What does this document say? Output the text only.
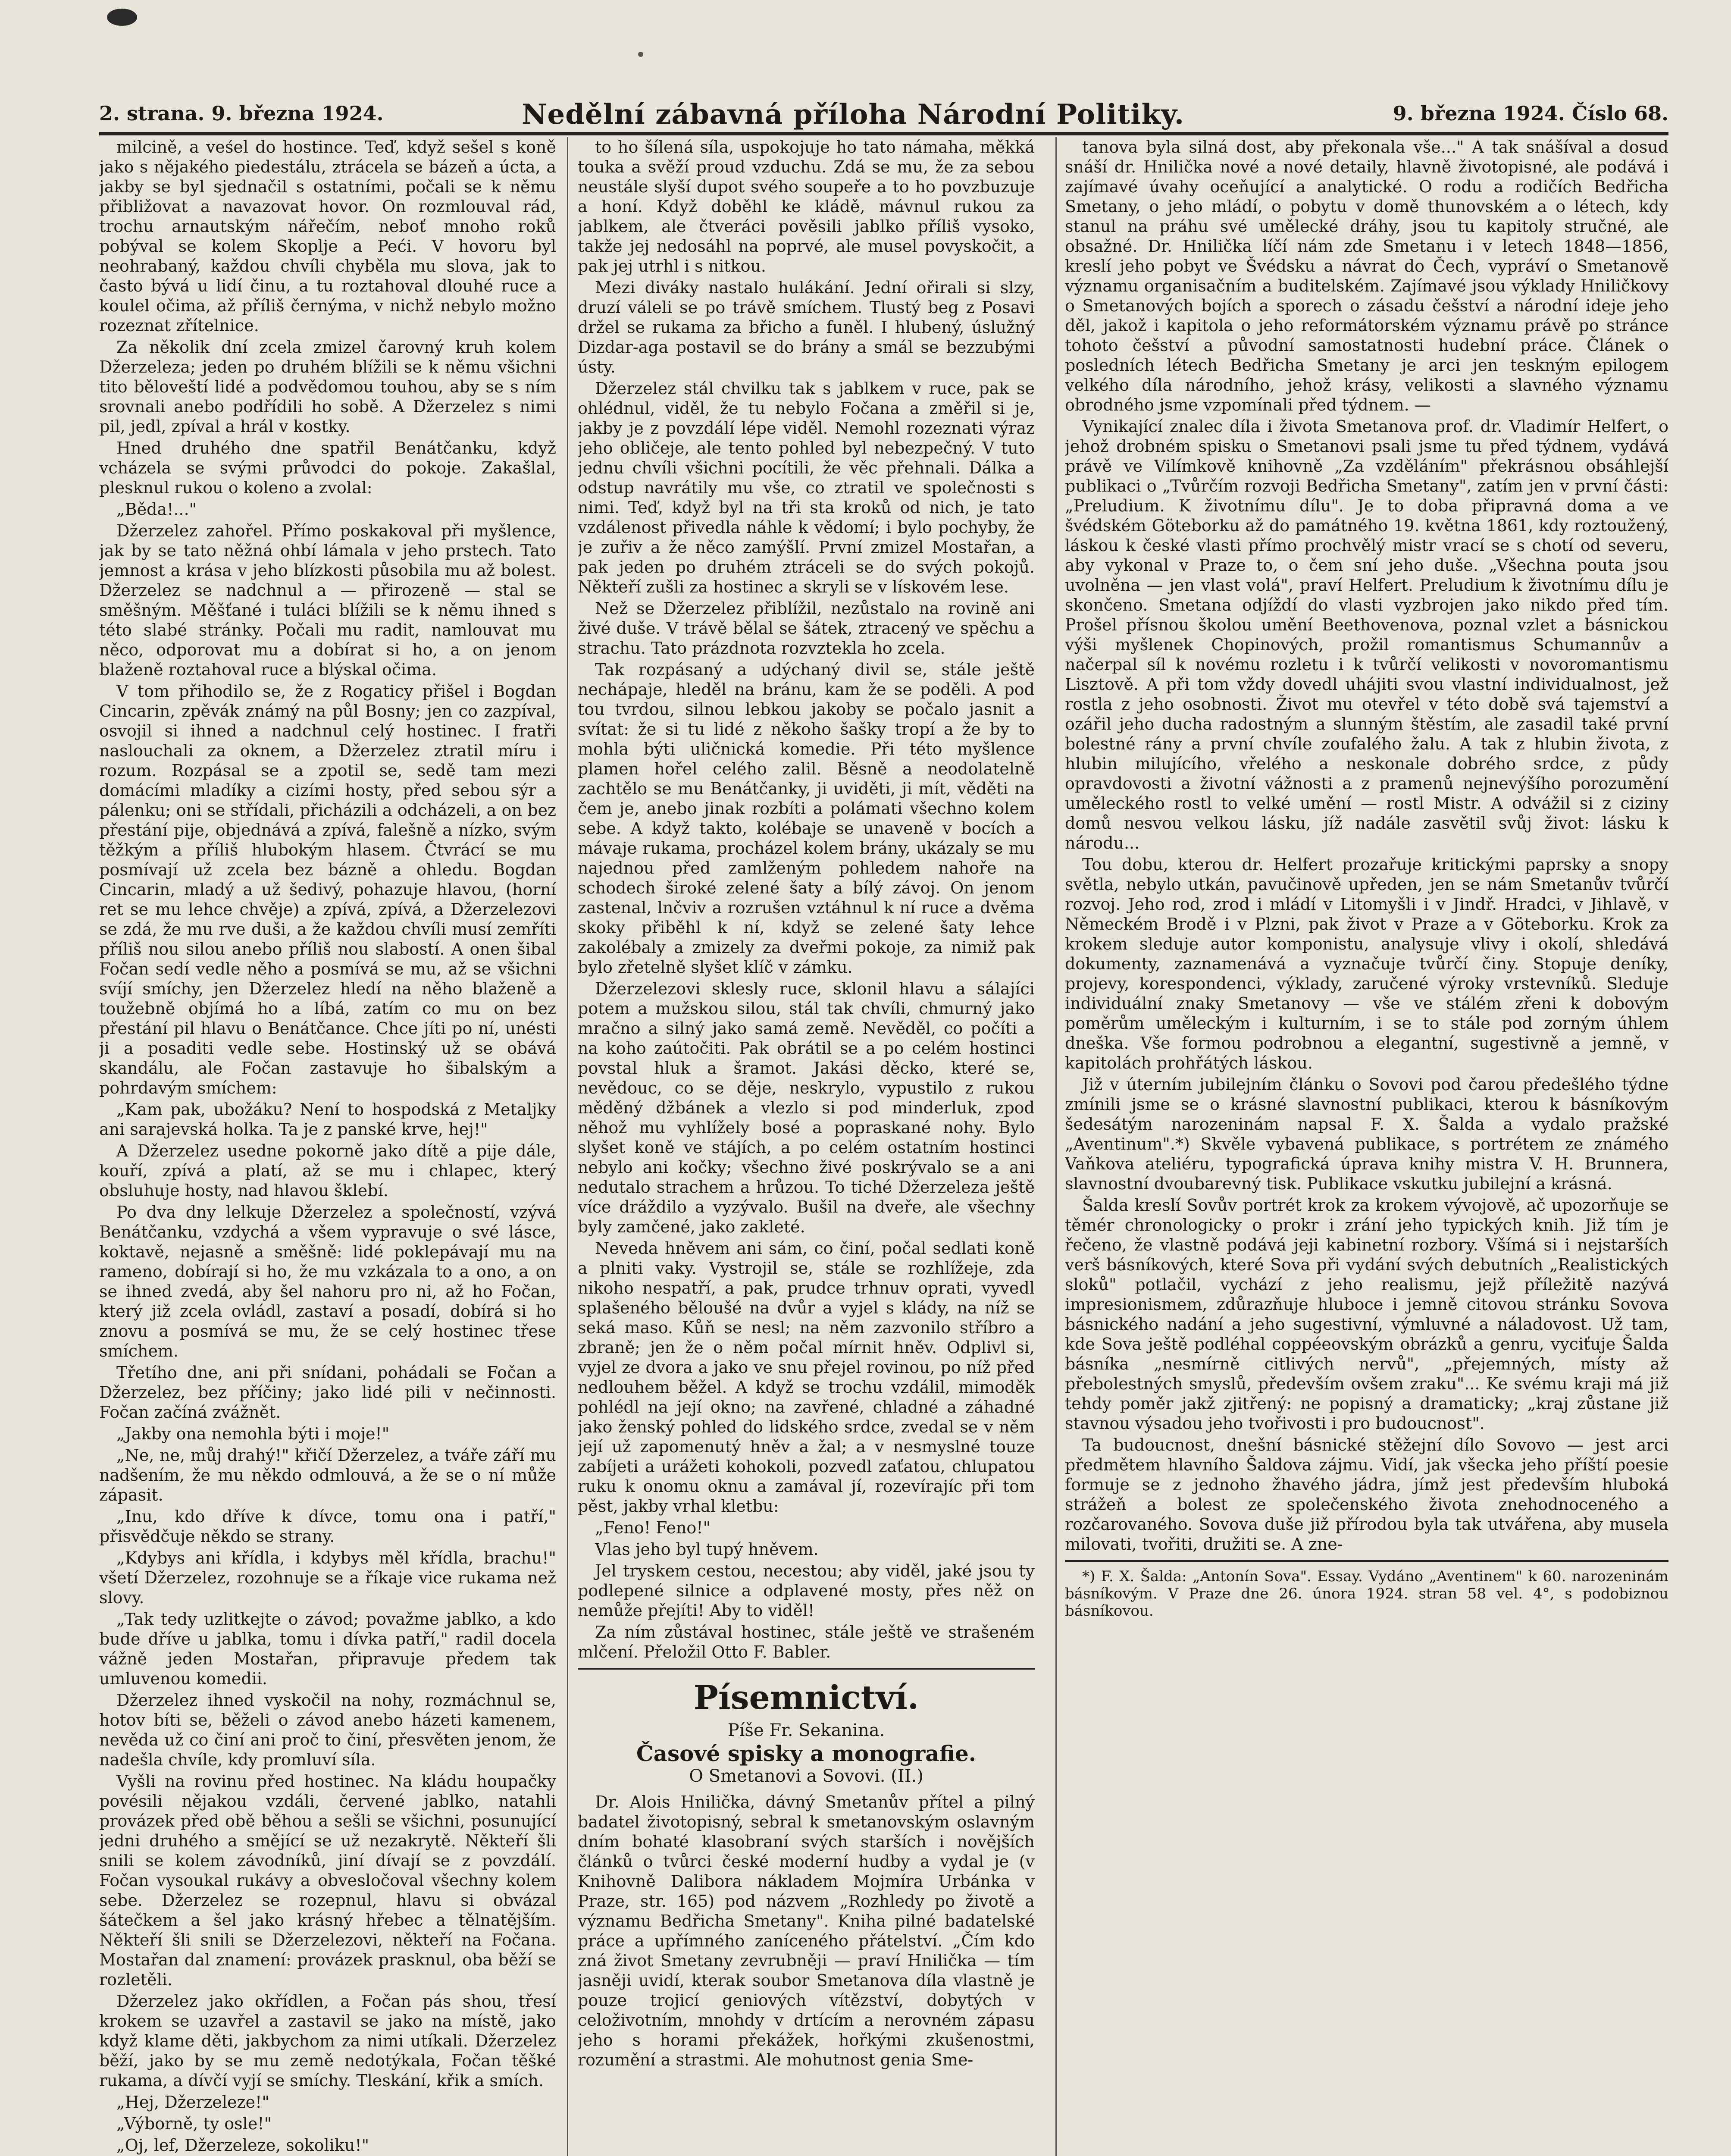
2. strana. 9. března 1924.	Nedělní zábavná příloha Národní Politiky.	9. března 1924. Číslo 68.

milcině, a veśel do hostince. Teď, když sešel s koně jako s nějakého piedestálu, ztrácela se bázeň a úcta, a jakby se byl sjednačil s ostatními, počali se k němu přibližovat a navazovat hovor. On rozmlouval rád, trochu arnautským nářečím, neboť mnoho roků pobýval se kolem Skoplje a Peći. V hovoru byl neohrabaný, každou chvíli chyběla mu slova, jak to často bývá u lidí činu, a tu roztahoval dlouhé ruce a koulel očima, až příliš černýma, v nichž nebylo možno rozeznat zřítelnice.

Za několik dní zcela zmizel čarovný kruh kolem Džerzeleza; jeden po druhém blížili se k němu všichni tito běloveští lidé a podvědomou touhou, aby se s ním srovnali anebo podřídili ho sobě. A Džerzelez s nimi pil, jedl, zpíval a hrál v kostky.

Hned druhého dne spatřil Benátčanku, když vcházela se svými průvodci do pokoje. Zakašlal, plesknul rukou o koleno a zvolal:

„Běda!..."

Džerzelez zahořel. Přímo poskakoval při myšlence, jak by se tato něžná ohbí lámala v jeho prstech. Tato jemnost a krása v jeho blízkosti působila mu až bolest. Džerzelez se nadchnul a — přirozeně — stal se směšným. Měšťané i tuláci blížili se k němu ihned s této slabé stránky. Počali mu radit, namlouvat mu něco, odporovat mu a dobírat si ho, a on jenom blaženě roztahoval ruce a blýskal očima.

V tom přihodilo se, že z Rogaticy přišel i Bogdan Cincarin, zpěvák známý na půl Bosny; jen co zazpíval, osvojil si ihned a nadchnul celý hostinec. I fratři naslouchali za oknem, a Džerzelez ztratil míru i rozum. Rozpásal se a zpotil se, sedě tam mezi domácími mladíky a cizími hosty, před sebou sýr a pálenku; oni se střídali, přicházili a odcházeli, a on bez přestání pije, objednává a zpívá, falešně a nízko, svým těžkým a příliš hlubokým hlasem. Čtvrácí se mu posmívají už zcela bez bázně a ohledu. Bogdan Cincarin, mladý a už šedivý, pohazuje hlavou, (horní ret se mu lehce chvěje) a zpívá, zpívá, a Džerzelezovi se zdá, že mu rve duši, a že každou chvíli musí zemříti příliš nou silou anebo příliš nou slabostí. A onen šibal Fočan sedí vedle něho a posmívá se mu, až se všichni svíjí smíchy, jen Džerzelez hledí na něho blaženě a toužebně objímá ho a líbá, zatím co mu on bez přestání pil hlavu o Benátčance. Chce jíti po ní, unésti ji a posaditi vedle sebe. Hostinský už se obává skandálu, ale Fočan zastavuje ho šibalským a pohrdavým smíchem:

„Kam pak, ubožáku? Není to hospodská z Metaljky ani sarajevská holka. Ta je z panské krve, hej!"

A Džerzelez usedne pokorně jako dítě a pije dále, kouří, zpívá a platí, až se mu i chlapec, který obsluhuje hosty, nad hlavou šklebí.

Po dva dny lelkuje Džerzelez a společností, vzývá Benátčanku, vzdychá a všem vypravuje o své lásce, koktavě, nejasně a směšně: lidé poklepávají mu na rameno, dobírají si ho, že mu vzkázala to a ono, a on se ihned zvedá, aby šel nahoru pro ni, až ho Fočan, který již zcela ovládl, zastaví a posadí, dobírá si ho znovu a posmívá se mu, že se celý hostinec třese smíchem.

Třetího dne, ani při snídani, pohádali se Fočan a Džerzelez, bez příčiny; jako lidé pili v nečinnosti. Fočan začíná zvážnět.

„Jakby ona nemohla býti i moje!"

„Ne, ne, můj drahý!" křičí Džerzelez, a tváře září mu nadšením, že mu někdo odmlouvá, a že se o ní může zápasit.

„Inu, kdo dříve k dívce, tomu ona i patří," přisvědčuje někdo se strany.

„Kdybys ani křídla, i kdybys měl křídla, brachu!" všetí Džerzelez, rozohnuje se a říkaje vice rukama než slovy.

„Tak tedy uzlitkejte o závod; považme jablko, a kdo bude dříve u jablka, tomu i dívka patří," radil docela vážně jeden Mostařan, připravuje předem tak umluvenou komedii.

Džerzelez ihned vyskočil na nohy, rozmáchnul se, hotov bíti se, běželi o závod anebo házeti kamenem, nevěda už co činí ani proč to činí, přesvěten jenom, že nadešla chvíle, kdy promluví síla.

Vyšli na rovinu před hostinec. Na kládu houpačky povésili nějakou vzdáli, červené jablko, natahli provázek před obě běhou a sešli se všichni, posunující jedni druhého a smějící se už nezakrytě. Někteří šli snili se kolem závodníků, jiní dívají se z povzdálí. Fočan vysoukal rukávy a obvesločoval všechny kolem sebe. Džerzelez se rozepnul, hlavu si obvázal šátečkem a šel jako krásný hřebec a tělnatějším. Někteří šli snili se Džerzelezovi, někteří na Fočana. Mostařan dal znamení: provázek prasknul, oba běží se rozletěli.

Džerzelez jako okřídlen, a Fočan pás shou, třesí krokem se uzavřel a zastavil se jako na místě, jako když klame děti, jakbychom za nimi utíkali. Džerzelez běží, jako by se mu země nedotýkala, Fočan těšké rukama, a dívčí vyjí se smíchy. Tleskání, křik a smích.

„Hej, Džerzeleze!"

„Výborně, ty osle!"

„Oj, lef, Džerzeleze, sokoliku!"

to ho šílená síla, uspokojuje ho tato námaha, měkká touka a svěží proud vzduchu. Zdá se mu, že za sebou neustále slyší dupot svého soupeře a to ho povzbuzuje a honí. Když doběhl ke kládě, mávnul rukou za jablkem, ale čtveráci pověsili jablko příliš vysoko, takže jej nedosáhl na poprvé, ale musel povyskočit, a pak jej utrhl i s nitkou.

Mezi diváky nastalo hulákání. Jední ořirali si slzy, druzí váleli se po trávě smíchem. Tlustý beg z Posavi držel se rukama za břicho a funěl. I hlubený, úslužný Dizdar-aga postavil se do brány a smál se bezzubými ústy.

Džerzelez stál chvilku tak s jablkem v ruce, pak se ohlédnul, viděl, že tu nebylo Fočana a změřil si je, jakby je z povzdálí lépe viděl. Nemohl rozeznati výraz jeho obličeje, ale tento pohled byl nebezpečný. V tuto jednu chvíli všichni pocítili, že věc přehnali. Dálka a odstup navrátily mu vše, co ztratil ve společnosti s nimi. Teď, když byl na tři sta kroků od nich, je tato vzdálenost přivedla náhle k vědomí; i bylo pochyby, že je zuřiv a že něco zamýšlí. První zmizel Mostařan, a pak jeden po druhém ztráceli se do svých pokojů. Někteří zušli za hostinec a skryli se v lískovém lese.

Než se Džerzelez přiblížil, nezůstalo na rovině ani živé duše. V trávě bělal se šátek, ztracený ve spěchu a strachu. Tato prázdnota rozvztekla ho zcela.

Tak rozpásaný a udýchaný divil se, stále ještě nechápaje, hleděl na bránu, kam že se poděli. A pod tou tvrdou, silnou lebkou jakoby se počalo jasnit a svítat: že si tu lidé z někoho šašky tropí a že by to mohla býti uličnická komedie. Při této myšlence plamen hořel celého zalil. Běsně a neodolatelně zachtělo se mu Benátčanky, ji uviděti, ji mít, věděti na čem je, anebo jinak rozbíti a polámati všechno kolem sebe. A když takto, kolébaje se unaveně v bocích a mávaje rukama, procházel kolem brány, ukázaly se mu najednou před zamlženým pohledem nahoře na schodech široké zelené šaty a bílý závoj. On jenom zastenal, lnčviv a rozrušen vztáhnul k ní ruce a dvěma skoky přiběhl k ní, když se zelené šaty lehce zakolébaly a zmizely za dveřmi pokoje, za nimiž pak bylo zřetelně slyšet klíč v zámku.

Džerzelezovi sklesly ruce, sklonil hlavu a sálajíci potem a mužskou silou, stál tak chvíli, chmurný jako mračno a silný jako samá země. Nevěděl, co počíti a na koho zaútočiti. Pak obrátil se a po celém hostinci povstal hluk a šramot. Jakási děcko, které se, nevědouc, co se děje, neskrylo, vypustilo z rukou měděný džbánek a vlezlo si pod minderluk, zpod něhož mu vyhlížely bosé a popraskané nohy. Bylo slyšet koně ve stájích, a po celém ostatním hostinci nebylo ani kočky; všechno živé poskrývalo se a ani nedutalo strachem a hrůzou. To tiché Džerzeleza ještě více dráždilo a vyzývalo. Bušil na dveře, ale všechny byly zamčené, jako zakleté.

Neveda hněvem ani sám, co činí, počal sedlati koně a plniti vaky. Vystrojil se, stále se rozhlížeje, zda nikoho nespatří, a pak, prudce trhnuv oprati, vyvedl splašeného běloušé na dvůr a vyjel s klády, na níž se seká maso. Kůň se nesl; na něm zazvonilo stříbro a zbraně; jen že o něm počal mírnit hněv. Odplivl si, vyjel ze dvora a jako ve snu přejel rovinou, po níž před nedlouhem běžel. A když se trochu vzdálil, mimoděk pohlédl na její okno; na zavřené, chladné a záhadné jako ženský pohled do lidského srdce, zvedal se v něm její už zapomenutý hněv a žal; a v nesmyslné touze zabíjeti a urážeti kohokoli, pozvedl zaťatou, chlupatou ruku k onomu oknu a zamával jí, rozevírajíc při tom pěst, jakby vrhal kletbu:

„Feno! Feno!"

Vlas jeho byl tupý hněvem.

Jel tryskem cestou, necestou; aby viděl, jaké jsou ty podlepené silnice a odplavené mosty, přes něž on nemůže přejíti! Aby to viděl!

Za ním zůstával hostinec, stále ještě ve strašeném mlčení. Přeložil Otto F. Babler.

Písemnictví.
Píše Fr. Sekanina.
Časové spisky a monografie.
O Smetanovi a Sovovi. (II.)

Dr. Alois Hnilička, dávný Smetanův přítel a pilný badatel životopisný, sebral k smetanovským oslavným dním bohaté klasobraní svých starších i novějších článků o tvůrci české moderní hudby a vydal je (v Knihovně Dalibora nákladem Mojmíra Urbánka v Praze, str. 165) pod názvem „Rozhledy po životě a významu Bedřicha Smetany". Kniha pilné badatelské práce a upřímného zaníceného přátelství. „Čím kdo zná život Smetany zevrubněji — praví Hnilička — tím jasněji uvidí, kterak soubor Smetanova díla vlastně je pouze trojicí geniových vítězství, dobytých v celoživotním, mnohdy v drtícím a nerovném zápasu jeho s horami překážek, hořkými zkušenostmi, rozumění a strastmi. Ale mohutnost genia Sme-

tanova byla silná dost, aby překonala vše..." A tak snášíval a dosud snáší dr. Hnilička nové a nové detaily, hlavně životopisné, ale podává i zajímavé úvahy oceňující a analytické. O rodu a rodičích Bedřicha Smetany, o jeho mládí, o pobytu v domě thunovském a o létech, kdy stanul na práhu své umělecké dráhy, jsou tu kapitoly stručné, ale obsažné. Dr. Hnilička líčí nám zde Smetanu i v letech 1848—1856, kreslí jeho pobyt ve Švédsku a návrat do Čech, vypráví o Smetanově významu organisačním a buditelském. Zajímavé jsou výklady Hniličkovy o Smetanových bojích a sporech o zásadu češství a národní ideje jeho děl, jakož i kapitola o jeho reformátorském významu právě po stránce tohoto češství a původní samostatnosti hudební práce. Článek o posledních létech Bedřicha Smetany je arci jen teskným epilogem velkého díla národního, jehož krásy, velikosti a slavného významu obrodného jsme vzpomínali před týdnem. —

Vynikající znalec díla i života Smetanova prof. dr. Vladimír Helfert, o jehož drobném spisku o Smetanovi psali jsme tu před týdnem, vydává právě ve Vilímkově knihovně „Za vzděláním" překrásnou obsáhlejší publikaci o „Tvůrčím rozvoji Bedřicha Smetany", zatím jen v první části: „Preludium. K životnímu dílu". Je to doba připravná doma a ve švédském Göteborku až do památného 19. května 1861, kdy roztoužený, láskou k české vlasti přímo prochvělý mistr vrací se s chotí od severu, aby vykonal v Praze to, o čem sní jeho duše. „Všechna pouta jsou uvolněna — jen vlast volá", praví Helfert. Preludium k životnímu dílu je skončeno. Smetana odjíždí do vlasti vyzbrojen jako nikdo před tím. Prošel přísnou školou umění Beethovenova, poznal vzlet a básnickou výši myšlenek Chopinových, prožil romantismus Schumannův a načerpal síl k novému rozletu i k tvůrčí velikosti v novoromantismu Lisztově. A při tom vždy dovedl uhájiti svou vlastní individualnost, jež rostla z jeho osobnosti. Život mu otevřel v této době svá tajemství a ozářil jeho ducha radostným a slunným štěstím, ale zasadil také první bolestné rány a první chvíle zoufalého žalu. A tak z hlubin života, z hlubin milujícího, vřelého a neskonale dobrého srdce, z půdy opravdovosti a životní vážnosti a z pramenů nejnevýšího porozumění uměleckého rostl to velké umění — rostl Mistr. A odvážil si z ciziny domů nesvou velkou lásku, jíž nadále zasvětil svůj život: lásku k národu...

Tou dobu, kterou dr. Helfert prozařuje kritickými paprsky a snopy světla, nebylo utkán, pavučinově upředen, jen se nám Smetanův tvůrčí rozvoj. Jeho rod, zrod i mládí v Litomyšli i v Jindř. Hradci, v Jihlavě, v Německém Brodě i v Plzni, pak život v Praze a v Göteborku. Krok za krokem sleduje autor komponistu, analysuje vlivy i okolí, shledává dokumenty, zaznamenává a vyznačuje tvůrčí činy. Stopuje deníky, projevy, korespondenci, výklady, zaručené výroky vrstevníků. Sleduje individuální znaky Smetanovy — vše ve stálém zřeni k dobovým poměrům uměleckým i kulturním, i se to stále pod zorným úhlem dneška. Vše formou podrobnou a elegantní, sugestivně a jemně, v kapitolách prohřátých láskou.

Již v úterním jubilejním článku o Sovovi pod čarou předešlého týdne zmínili jsme se o krásné slavnostní publikaci, kterou k básníkovým šedesátým narozeninám napsal F. X. Šalda a vydalo pražské „Aventinum".*) Skvěle vybavená publikace, s portrétem ze známého Vaňkova ateliéru, typografická úprava knihy mistra V. H. Brunnera, slavnostní dvoubarevný tisk. Publikace vskutku jubilejní a krásná.

Šalda kreslí Sovův portrét krok za krokem vývojově, ač upozorňuje se těmér chronologicky o prokr i zrání jeho typických knih. Již tím je řečeno, že vlastně podává jeji kabinetní rozbory. Všímá si i nejstarších verš básníkových, které Sova při vydání svých debutních „Realistických sloků" potlačil, vychází z jeho realismu, jejž příležitě nazývá impresionismem, zdůrazňuje hluboce i jemně citovou stránku Sovova básnického nadání a jeho sugestivní, výmluvné a náladovost. Už tam, kde Sova ještě podléhal coppéeovským obrázků a genru, vyciťuje Šalda básníka „nesmírně citlivých nervů", „přejemných, místy až přebolestných smyslů, především ovšem zraku"... Ke svému kraji má již tehdy poměr jakž zjitřený: ne popisný a dramaticky; „kraj zůstane již stavnou výsadou jeho tvořivosti i pro budoucnost".

Ta budoucnost, dnešní básnické stěžejní dílo Sovovo — jest arci předmětem hlavního Šaldova zájmu. Vidí, jak všecka jeho příští poesie formuje se z jednoho žhavého jádra, jímž jest především hluboká strážeň a bolest ze společenského života znehodnoceného a rozčarovaného. Sovova duše již přírodou byla tak utvářena, aby musela milovati, tvořiti, družiti se. A zne-

*) F. X. Šalda: „Antonín Sova". Essay. Vydáno „Aventinem" k 60. narozeninám básníkovým. V Praze dne 26. února 1924. stran 58 vel. 4°, s podobiznou básníkovou.
